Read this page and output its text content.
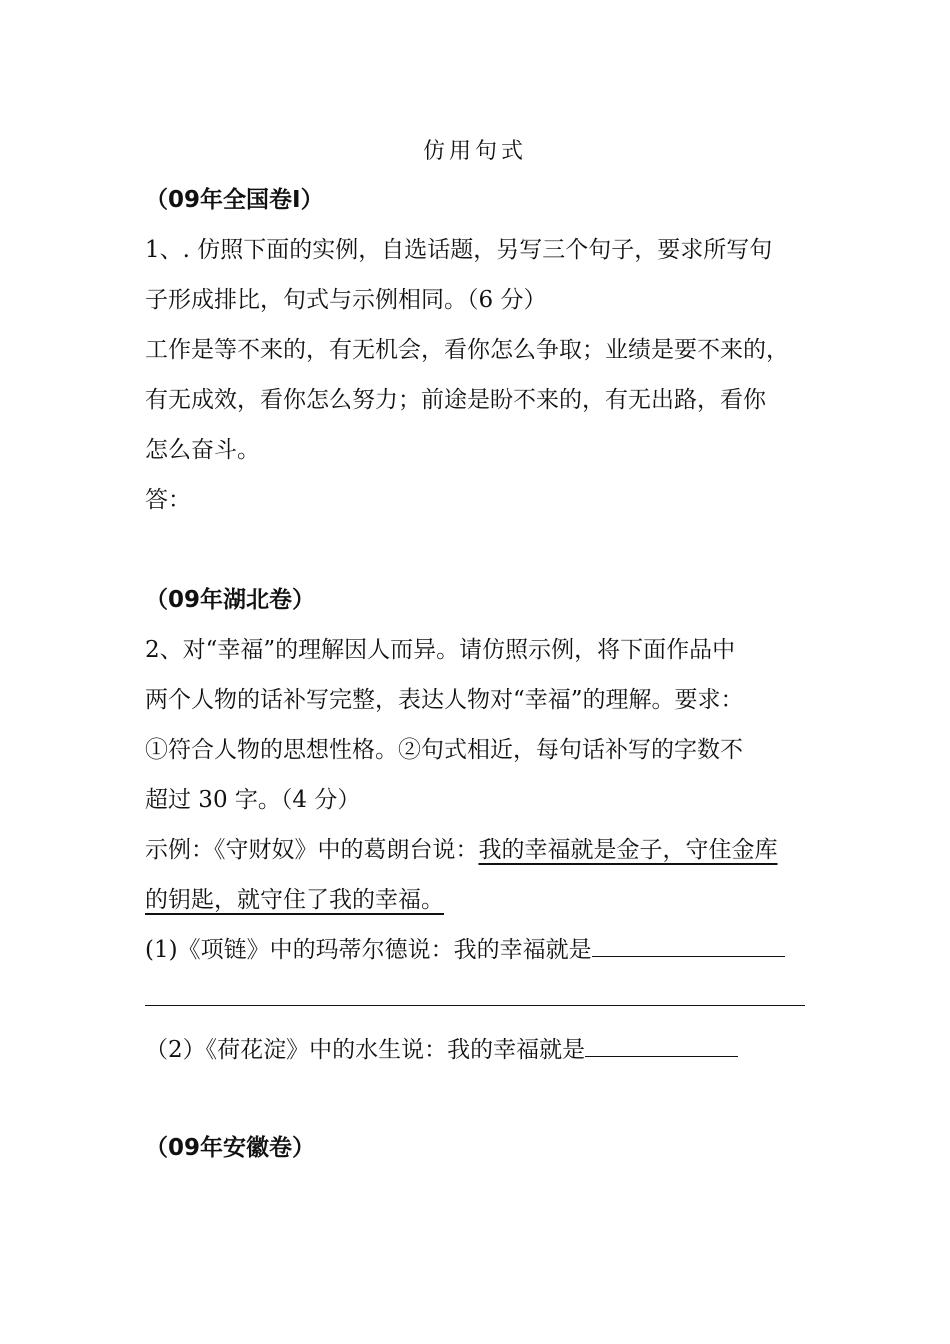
仿用句式
（09年全国卷Ⅰ）
1、. 仿照下面的实例，自选话题，另写三个句子，要求所写句
子形成排比，句式与示例相同。（6 分）
工作是等不来的，有无机会，看你怎么争取；业绩是要不来的，
有无成效，看你怎么努力；前途是盼不来的，有无出路，看你
怎么奋斗。
答：
（09年湖北卷）
2、对“幸福”的理解因人而异。请仿照示例，将下面作品中
两个人物的话补写完整，表达人物对“幸福”的理解。要求：
①符合人物的思想性格。②句式相近，每句话补写的字数不
超过 30 字。（4 分）
示例：《守财奴》中的葛朗台说：我的幸福就是金子，守住金库
的钥匙，就守住了我的幸福。
(1)《项链》中的玛蒂尔德说：我的幸福就是
（2）《荷花淀》中的水生说：我的幸福就是
（09年安徽卷）
